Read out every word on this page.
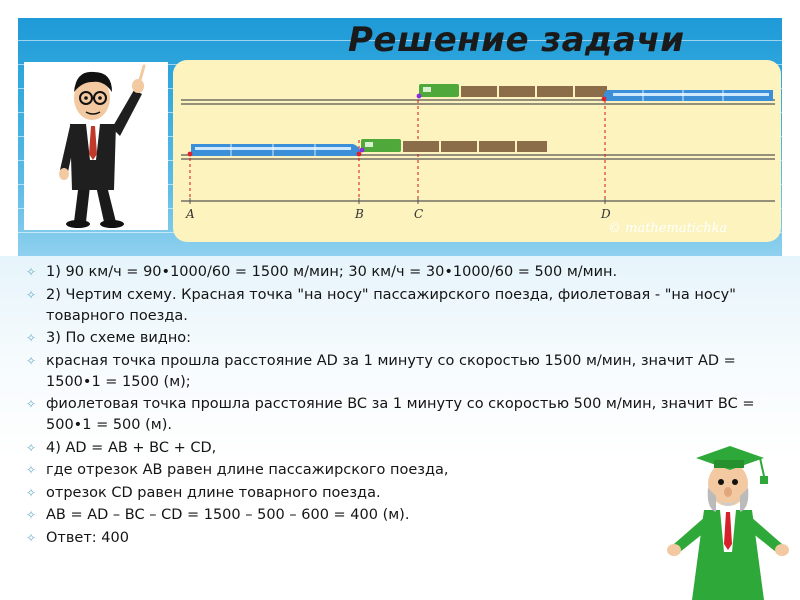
Решение задачи
A	B	C	D
© mathematichka
✧ 1) 90 км/ч = 90•1000/60 = 1500 м/мин; 30 км/ч = 30•1000/60 = 500 м/мин.
✧ 2) Чертим схему. Красная точка "на носу" пассажирского поезда, фиолетовая - "на носу" товарного поезда.
✧ 3) По схеме видно:
✧ красная точка прошла расстояние AD за 1 минуту со скоростью 1500 м/мин, значит AD = 1500•1 = 1500 (м);
✧ фиолетовая точка прошла расстояние BC за 1 минуту со скоростью 500 м/мин, значит BC = 500•1 = 500 (м).
✧ 4) AD = AB + BC + CD,
✧ где отрезок AB равен длине пассажирского поезда,
✧ отрезок CD равен длине товарного поезда.
✧ AB = AD – BC – CD = 1500 – 500 – 600 = 400 (м).
✧ Ответ: 400
